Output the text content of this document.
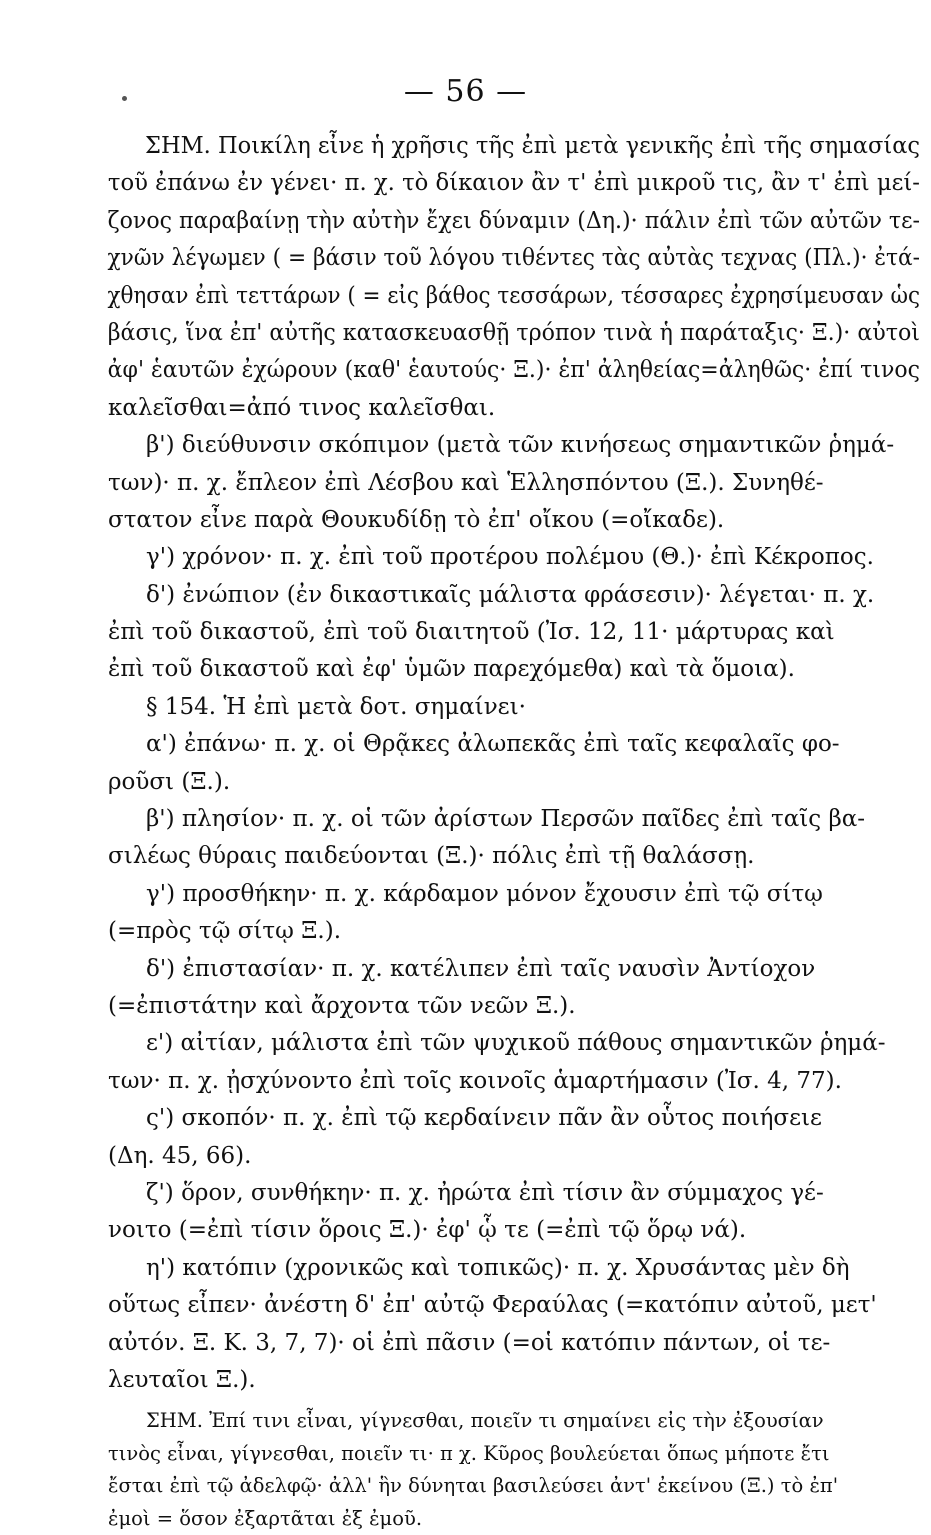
— 56 —
ΣΗΜ. Ποικίλη εἶνε ἡ χρῆσις τῆς ἐπὶ μετὰ γενικῆς ἐπὶ τῆς σημασίας
τοῦ ἐπάνω ἐν γένει· π. χ. τὸ δίκαιον ἂν τ' ἐπὶ μικροῦ τις, ἂν τ' ἐπὶ μεί-
ζονος παραβαίνῃ τὴν αὐτὴν ἔχει δύναμιν (Δη.)· πάλιν ἐπὶ τῶν αὐτῶν τε-
χνῶν λέγωμεν ( = βάσιν τοῦ λόγου τιθέντες τὰς αὐτὰς τεχνας (Πλ.)· ἐτά-
χθησαν ἐπὶ τεττάρων ( = εἰς βάθος τεσσάρων, τέσσαρες ἐχρησίμευσαν ὡς
βάσις, ἵνα ἐπ' αὐτῆς κατασκευασθῇ τρόπον τινὰ ἡ παράταξις· Ξ.)· αὐτοὶ
ἀφ' ἑαυτῶν ἐχώρουν (καθ' ἑαυτούς· Ξ.)· ἐπ' ἀληθείας=ἀληθῶς· ἐπί τινος
καλεῖσθαι=ἀπό τινος καλεῖσθαι.
β') διεύθυνσιν σκόπιμον (μετὰ τῶν κινήσεως σημαντικῶν ῥημά-
των)· π. χ. ἔπλεον ἐπὶ Λέσβου καὶ Ἑλλησπόντου (Ξ.). Συνηθέ-
στατον εἶνε παρὰ Θουκυδίδῃ τὸ ἐπ' οἴκου (=οἴκαδε).
γ') χρόνον· π. χ. ἐπὶ τοῦ προτέρου πολέμου (Θ.)· ἐπὶ Κέκροπος.
δ') ἐνώπιον (ἐν δικαστικαῖς μάλιστα φράσεσιν)· λέγεται· π. χ.
ἐπὶ τοῦ δικαστοῦ, ἐπὶ τοῦ διαιτητοῦ (Ἰσ. 12, 11· μάρτυρας καὶ
ἐπὶ τοῦ δικαστοῦ καὶ ἐφ' ὑμῶν παρεχόμεθα) καὶ τὰ ὅμοια).
§ 154. Ἡ ἐπὶ μετὰ δοτ. σημαίνει·
α') ἐπάνω· π. χ. οἱ Θρᾷκες ἀλωπεκᾶς ἐπὶ ταῖς κεφαλαῖς φο-
ροῦσι (Ξ.).
β') πλησίον· π. χ. οἱ τῶν ἀρίστων Περσῶν παῖδες ἐπὶ ταῖς βα-
σιλέως θύραις παιδεύονται (Ξ.)· πόλις ἐπὶ τῇ θαλάσσῃ.
γ') προσθήκην· π. χ. κάρδαμον μόνον ἔχουσιν ἐπὶ τῷ σίτῳ
(=πρὸς τῷ σίτῳ Ξ.).
δ') ἐπιστασίαν· π. χ. κατέλιπεν ἐπὶ ταῖς ναυσὶν Ἀντίοχον
(=ἐπιστάτην καὶ ἄρχοντα τῶν νεῶν Ξ.).
ε') αἰτίαν, μάλιστα ἐπὶ τῶν ψυχικοῦ πάθους σημαντικῶν ῥημά-
των· π. χ. ᾐσχύνοντο ἐπὶ τοῖς κοινοῖς ἁμαρτήμασιν (Ἰσ. 4, 77).
ς') σκοπόν· π. χ. ἐπὶ τῷ κερδαίνειν πᾶν ἂν οὗτος ποιήσειε
(Δη. 45, 66).
ζ') ὅρον, συνθήκην· π. χ. ἠρώτα ἐπὶ τίσιν ἂν σύμμαχος γέ-
νοιτο (=ἐπὶ τίσιν ὅροις Ξ.)· ἐφ' ᾧ τε (=ἐπὶ τῷ ὅρῳ νά).
η') κατόπιν (χρονικῶς καὶ τοπικῶς)· π. χ. Χρυσάντας μὲν δὴ
οὕτως εἶπεν· ἀνέστη δ' ἐπ' αὐτῷ Φεραύλας (=κατόπιν αὐτοῦ, μετ'
αὐτόν. Ξ. Κ. 3, 7, 7)· οἱ ἐπὶ πᾶσιν (=οἱ κατόπιν πάντων, οἱ τε-
λευταῖοι Ξ.).
ΣΗΜ. Ἐπί τινι εἶναι, γίγνεσθαι, ποιεῖν τι σημαίνει εἰς τὴν ἐξουσίαν
τινὸς εἶναι, γίγνεσθαι, ποιεῖν τι· π χ. Κῦρος βουλεύεται ὅπως μήποτε ἔτι
ἔσται ἐπὶ τῷ ἀδελφῷ· ἀλλ' ἣν δύνηται βασιλεύσει ἀντ' ἐκείνου (Ξ.) τὸ ἐπ'
ἐμοὶ = ὅσον ἐξαρτᾶται ἐξ ἐμοῦ.
